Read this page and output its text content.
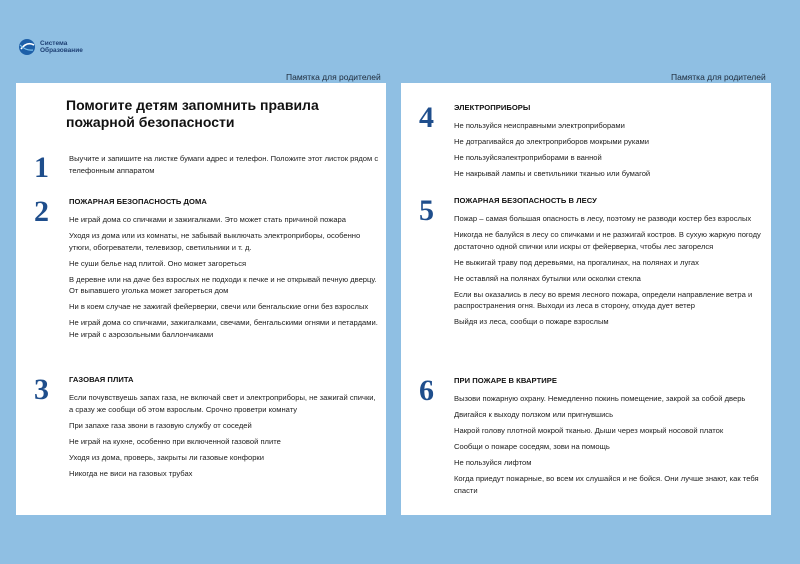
Система
Образование
Памятка для родителей	Памятка для родителей
Помогите детям запомнить правила пожарной безопасности
1	Выучите и запишите на листке бумаги адрес и телефон. Положите этот листок рядом с телефонным аппаратом
2	ПОЖАРНАЯ БЕЗОПАСНОСТЬ ДОМА
Не играй дома со спичками и зажигалками. Это может стать причиной пожара
Уходя из дома или из комнаты, не забывай выключать электроприборы, особенно утюги, обогреватели, телевизор, светильники и т. д.
Не суши белье над плитой. Оно может загореться
В деревне или на даче без взрослых не подходи к печке и не открывай печную дверцу. От выпавшего уголька может загореться дом
Ни в коем случае не зажигай фейерверки, свечи или бенгальские огни без взрослых
Не играй дома со спичками, зажигалками, свечами, бенгальскими огнями и петардами. Не играй с аэрозольными баллончиками
3	ГАЗОВАЯ ПЛИТА
Если почувствуешь запах газа, не включай свет и электроприборы, не зажигай спички, а сразу же сообщи об этом взрослым. Срочно проветри комнату
При запахе газа звони в газовую службу от соседей
Не играй на кухне, особенно при включенной газовой плите
Уходя из дома, проверь, закрыты ли газовые конфорки
Никогда не виси на газовых трубах
4	ЭЛЕКТРОПРИБОРЫ
Не пользуйся неисправными электроприборами
Не дотрагивайся до электроприборов мокрыми руками
Не пользуйсяэлектроприборами в ванной
Не накрывай лампы и светильники тканью или бумагой
5	ПОЖАРНАЯ БЕЗОПАСНОСТЬ В ЛЕСУ
Пожар – самая большая опасность в лесу, поэтому не разводи костер без взрослых
Никогда не балуйся в лесу со спичками и не разжигай костров. В сухую жаркую погоду достаточно одной спички или искры от фейерверка, чтобы лес загорелся
Не выжигай траву под деревьями, на прогалинах, на полянах и лугах
Не оставляй на полянах бутылки или осколки стекла
Если вы оказались в лесу во время лесного пожара, определи направление ветра и распространения огня. Выходи из леса в сторону, откуда дует ветер
Выйдя из леса, сообщи о пожаре взрослым
6	ПРИ ПОЖАРЕ В КВАРТИРЕ
Вызови пожарную охрану. Немедленно покинь помещение, закрой за собой дверь
Двигайся к выходу ползком или пригнувшись
Накрой голову плотной мокрой тканью. Дыши через мокрый носовой платок
Сообщи о пожаре соседям, зови на помощь
Не пользуйся лифтом
Когда приедут пожарные, во всем их слушайся и не бойся. Они лучше знают, как тебя спасти
